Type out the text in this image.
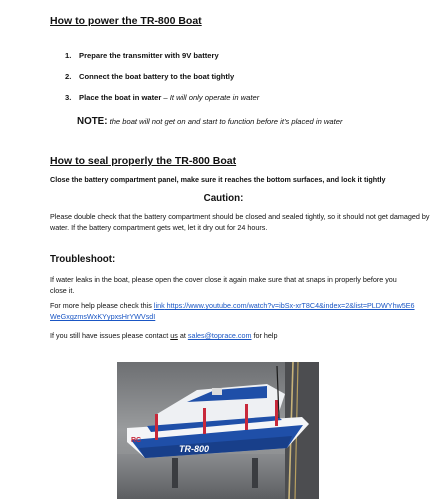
How to power the TR-800 Boat
1. Prepare the transmitter with 9V battery
2. Connect the boat battery to the boat tightly
3. Place the boat in water – It will only operate in water

NOTE: the boat will not get on and start to function before it’s placed in water

How to seal properly the TR-800 Boat

Close the battery compartment panel, make sure it reaches the bottom surfaces, and lock it tightly

Caution:

Please double check that the battery compartment should be closed and sealed tightly, so it should not get damaged by water. If the battery compartment gets wet, let it dry out for 24 hours.

Troubleshoot:

If water leaks in the boat, please open the cover close it again make sure that at snaps in properly before you close it.

For more help please check this link https://www.youtube.com/watch?v=ibSx-xrT8C4&index=2&list=PLDWYhw5E6WeGxgzmsWxKYypxsHrYWVsdI

If you still have issues please contact us at sales@toprace.com for help

TR-800
RC
